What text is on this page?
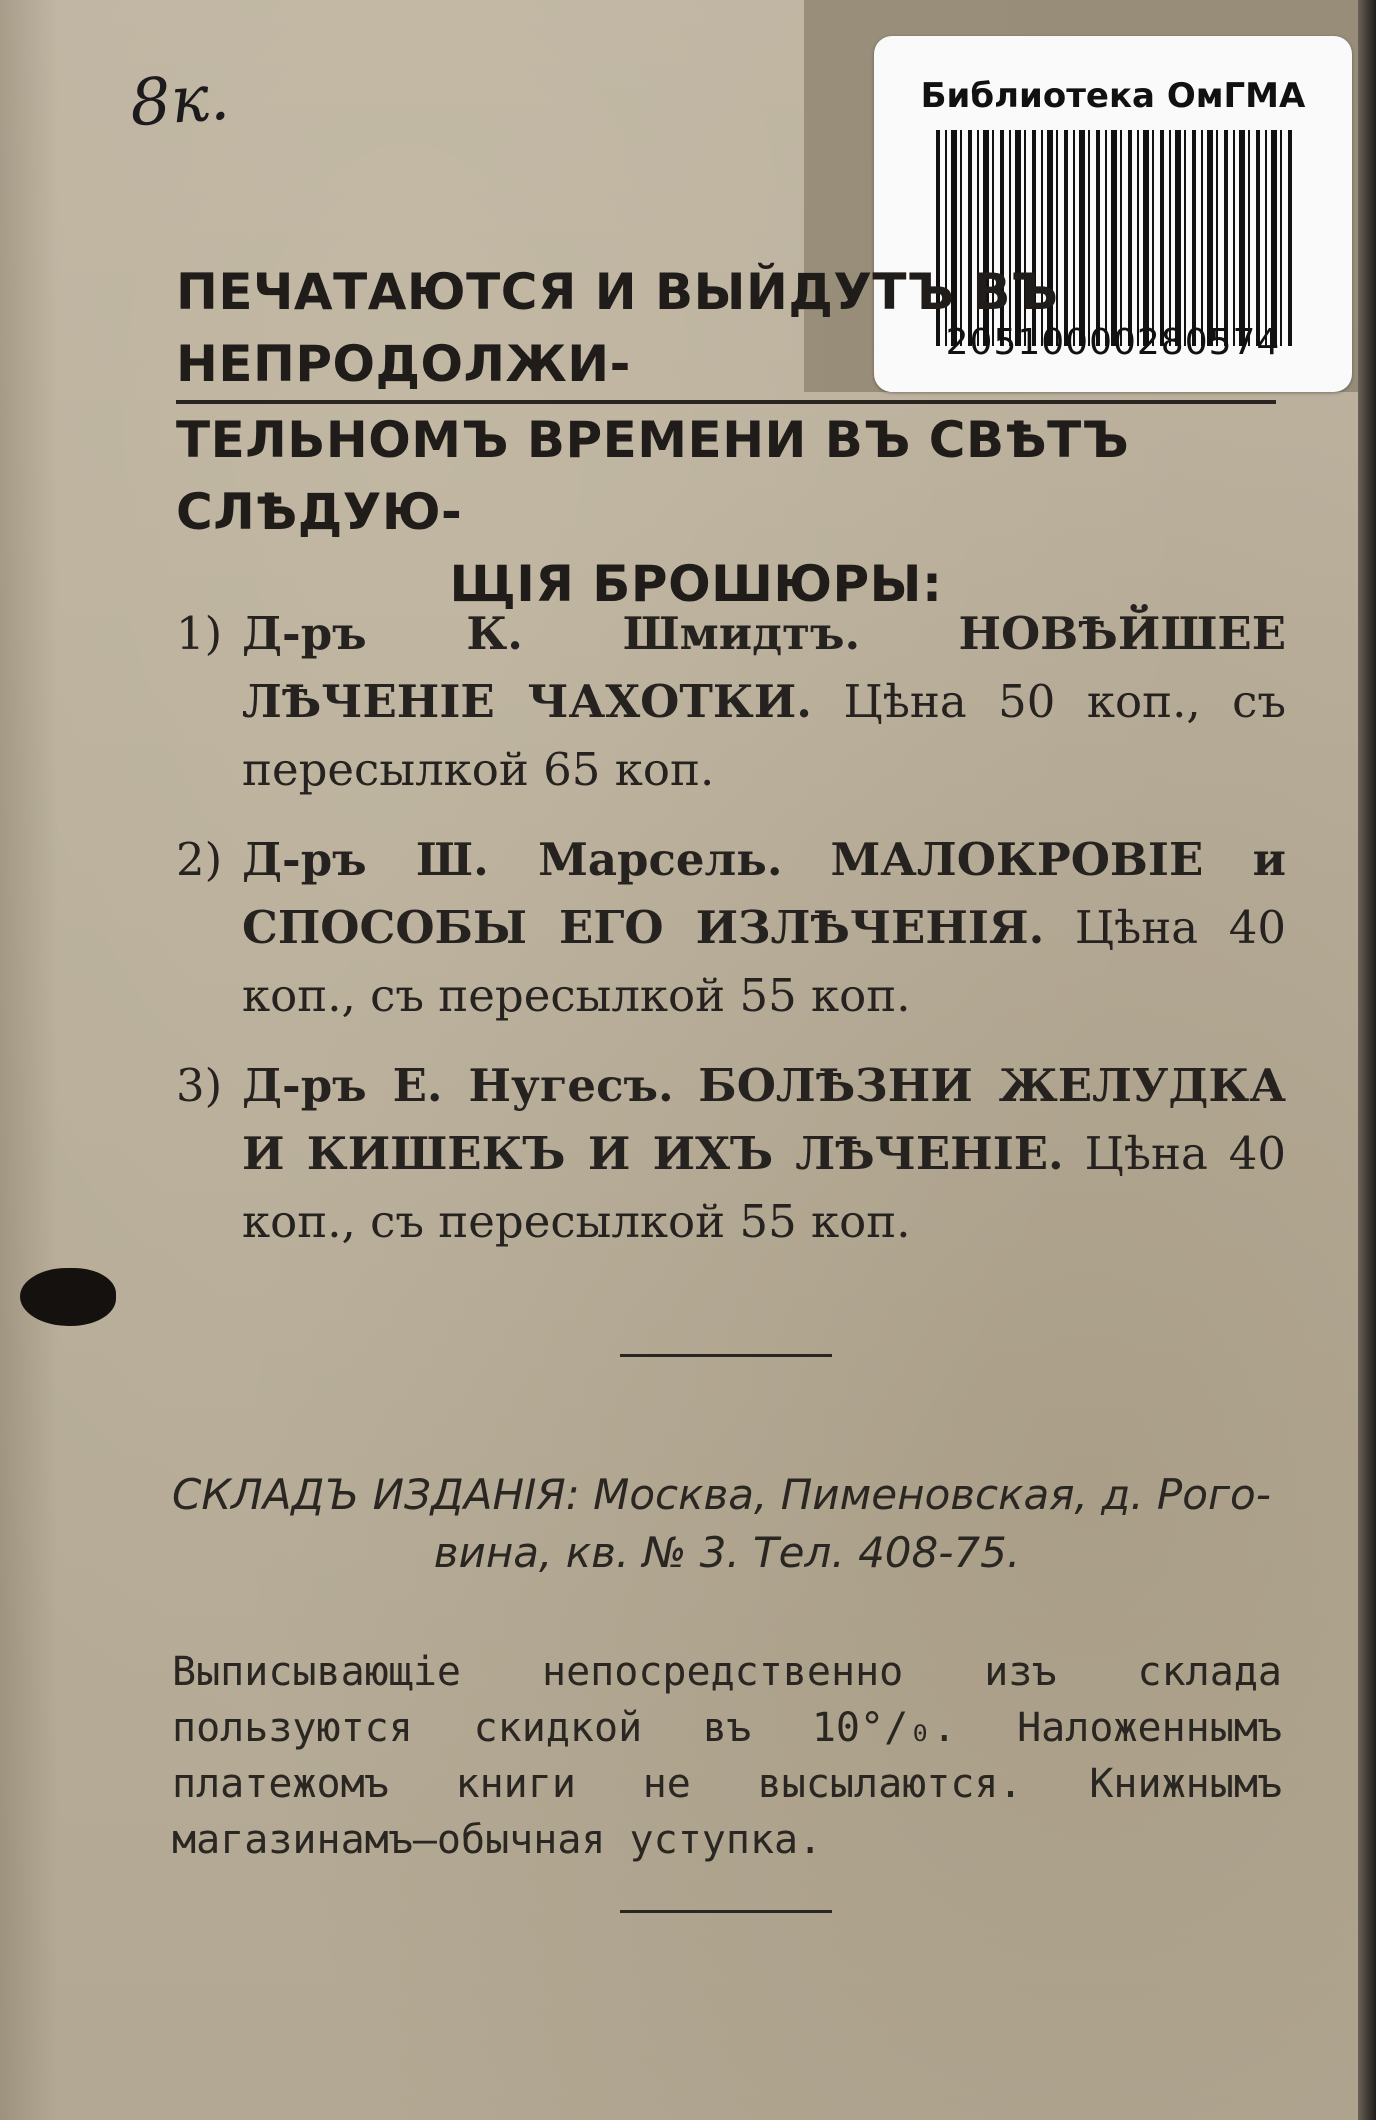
8к.	Библиотека ОмГМА
20510000280574
ПЕЧАТАЮТСЯ И ВЫЙДУТЪ ВЪ НЕПРОДОЛЖИ-
ТЕЛЬНОМЪ ВРЕМЕНИ ВЪ СВѢТЪ СЛѢДУЮ-
ЩІЯ БРОШЮРЫ:
1) Д-ръ К. Шмидтъ. НОВѢЙШЕЕ ЛѢЧЕНІЕ ЧАХОТКИ. Цѣна 50 коп., съ пересылкой 65 коп.
2) Д-ръ Ш. Марсель. МАЛОКРОВІЕ и СПОСОБЫ ЕГО ИЗЛѢЧЕНІЯ. Цѣна 40 коп., съ пересылкой 55 коп.
3) Д-ръ Е. Нугесъ. БОЛѢЗНИ ЖЕЛУДКА И КИШЕКЪ И ИХЪ ЛѢЧЕНІЕ. Цѣна 40 коп., съ пересылкой 55 коп.
СКЛАДЪ ИЗДАНІЯ: Москва, Пименовская, д. Рого-
вина, кв. № 3. Тел. 408-75.
Выписывающіе непосредственно изъ склада пользуются скидкой въ 10°/₀. Наложеннымъ платежомъ книги не высылаются. Книжнымъ магазинамъ—обычная уступка.
